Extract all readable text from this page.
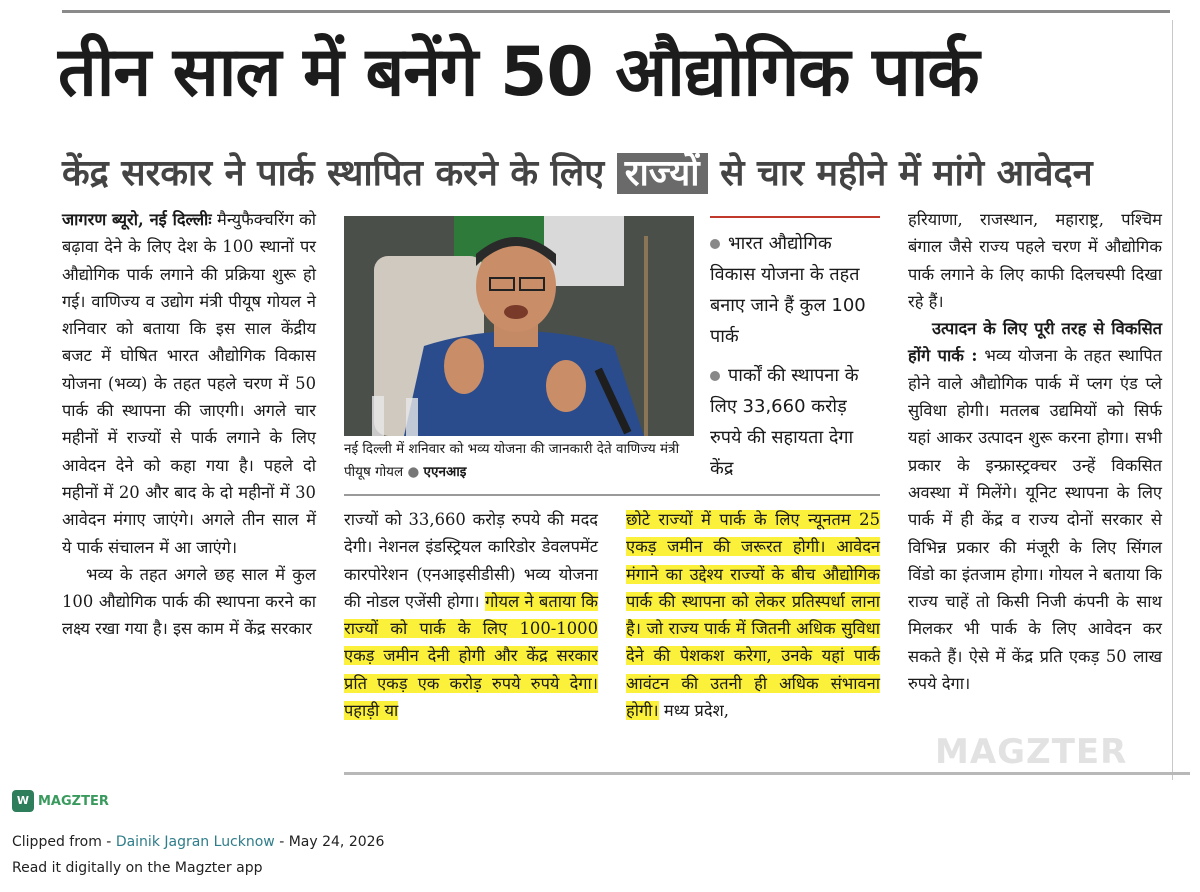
तीन साल में बनेंगे 50 औद्योगिक पार्क
केंद्र सरकार ने पार्क स्थापित करने के लिए राज्यों से चार महीने में मांगे आवेदन

जागरण ब्यूरो, नई दिल्लीः मैन्युफैक्चरिंग को बढ़ावा देने के लिए देश के 100 स्थानों पर औद्योगिक पार्क लगाने की प्रक्रिया शुरू हो गई। वाणिज्य व उद्योग मंत्री पीयूष गोयल ने शनिवार को बताया कि इस साल केंद्रीय बजट में घोषित भारत औद्योगिक विकास योजना (भव्य) के तहत पहले चरण में 50 पार्क की स्थापना की जाएगी। अगले चार महीनों में राज्यों से पार्क लगाने के लिए आवेदन देने को कहा गया है। पहले दो महीनों में 20 और बाद के दो महीनों में 30 आवेदन मंगाए जाएंगे। अगले तीन साल में ये पार्क संचालन में आ जाएंगे।

भव्य के तहत अगले छह साल में कुल 100 औद्योगिक पार्क की स्थापना करने का लक्ष्य रखा गया है। इस काम में केंद्र सरकार

नई दिल्ली में शनिवार को भव्य योजना की जानकारी देते वाणिज्य मंत्री पीयूष गोयल ● एएनआइ
भारत औद्योगिक विकास योजना के तहत बनाए जाने हैं कुल 100 पार्क
पार्कों की स्थापना के लिए 33,660 करोड़ रुपये की सहायता देगा केंद्र

राज्यों को 33,660 करोड़ रुपये की मदद देगी। नेशनल इंडस्ट्रियल कारिडोर डेवलपमेंट कारपोरेशन (एनआइसीडीसी) भव्य योजना की नोडल एजेंसी होगा। गोयल ने बताया कि राज्यों को पार्क के लिए 100-1000 एकड़ जमीन देनी होगी और केंद्र सरकार प्रति एकड़ एक करोड़ रुपये रुपये देगा। पहाड़ी या

छोटे राज्यों में पार्क के लिए न्यूनतम 25 एकड़ जमीन की जरूरत होगी। आवेदन मंगाने का उद्देश्य राज्यों के बीच औद्योगिक पार्क की स्थापना को लेकर प्रतिस्पर्धा लाना है। जो राज्य पार्क में जितनी अधिक सुविधा देने की पेशकश करेगा, उनके यहां पार्क आवंटन की उतनी ही अधिक संभावना होगी। मध्य प्रदेश,

हरियाणा, राजस्थान, महाराष्ट्र, पश्चिम बंगाल जैसे राज्य पहले चरण में औद्योगिक पार्क लगाने के लिए काफी दिलचस्पी दिखा रहे हैं।

उत्पादन के लिए पूरी तरह से विकसित होंगे पार्क : भव्य योजना के तहत स्थापित होने वाले औद्योगिक पार्क में प्लग एंड प्ले सुविधा होगी। मतलब उद्यमियों को सिर्फ यहां आकर उत्पादन शुरू करना होगा। सभी प्रकार के इन्फ्रास्ट्रक्चर उन्हें विकसित अवस्था में मिलेंगे। यूनिट स्थापना के लिए पार्क में ही केंद्र व राज्य दोनों सरकार से विभिन्न प्रकार की मंजूरी के लिए सिंगल विंडो का इंतजाम होगा। गोयल ने बताया कि राज्य चाहें तो किसी निजी कंपनी के साथ मिलकर भी पार्क के लिए आवेदन कर सकते हैं। ऐसे में केंद्र प्रति एकड़ 50 लाख रुपये देगा।

MAGZTER
W MAGZTER
Clipped from - Dainik Jagran Lucknow - May 24, 2026
Read it digitally on the Magzter app
